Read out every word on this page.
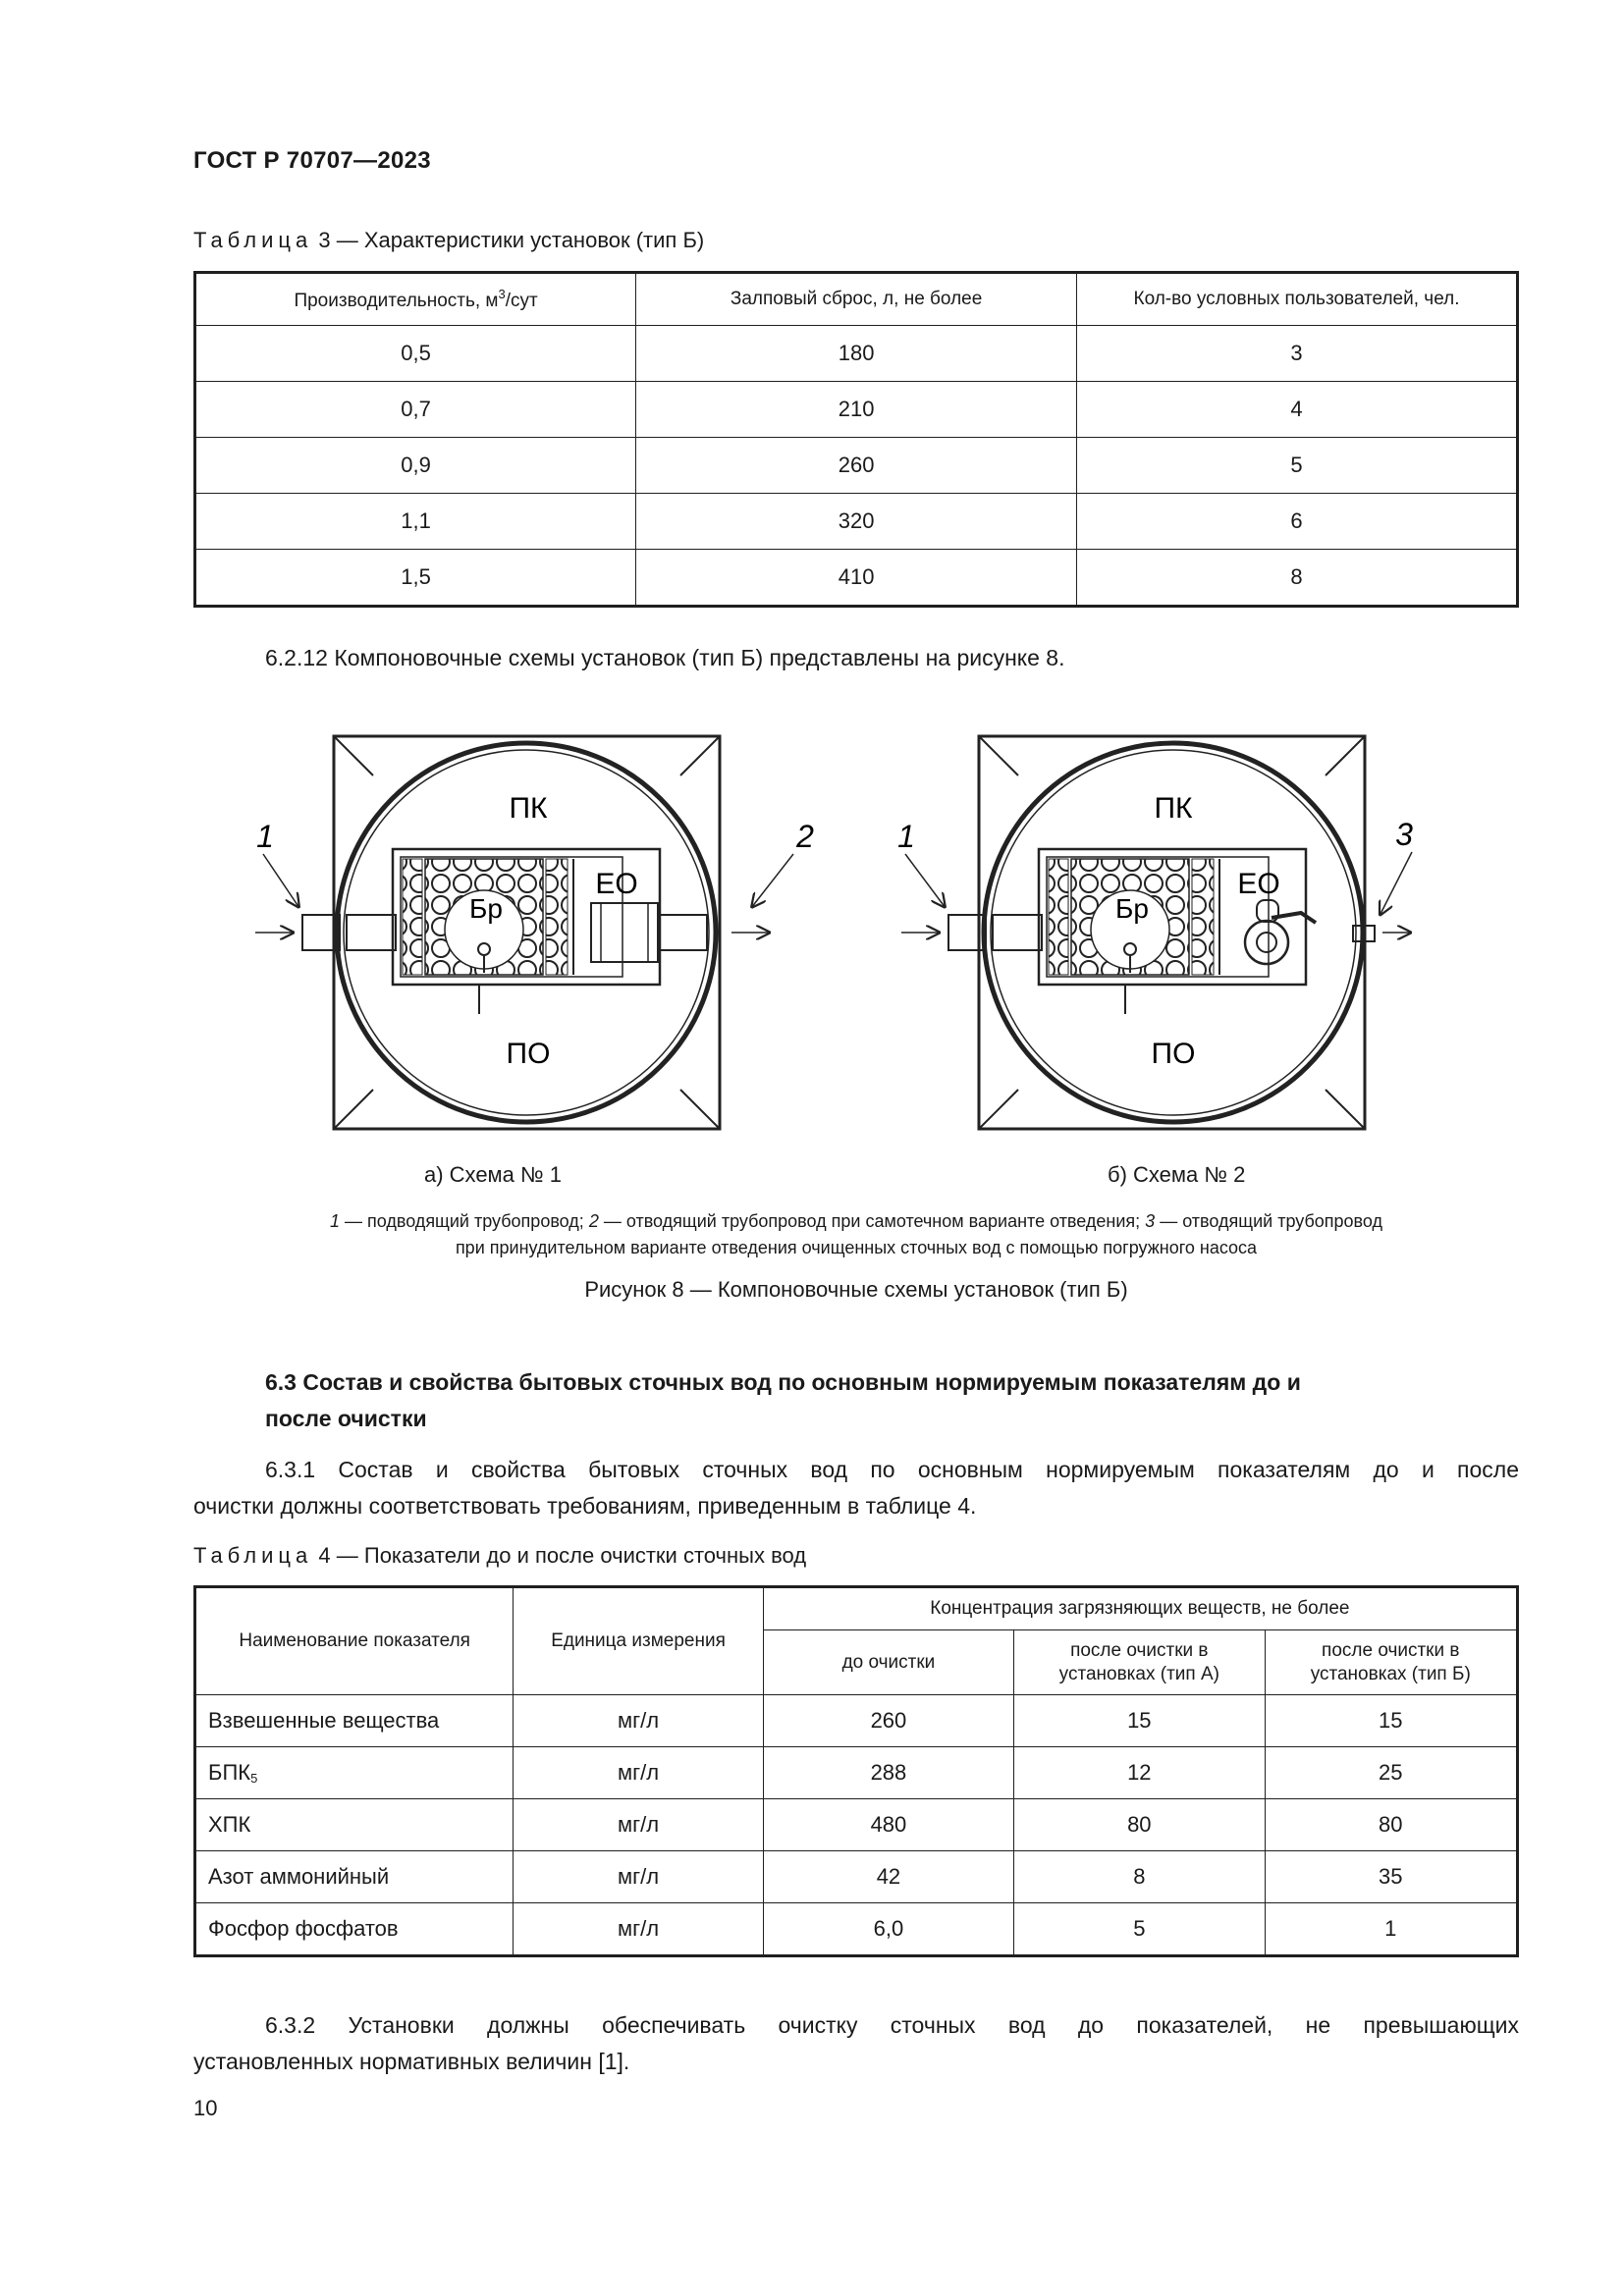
ГОСТ Р 70707—2023
Таблица 3 — Характеристики установок (тип Б)
Производительность, $м^3$/сут	Залповый сброс, л, не более	Кол-во условных пользователей, чел.
0,5	180	3
0,7	210	4
0,9	260	5
1,1	320	6
1,5	410	8
6.2.12 Компоновочные схемы установок (тип Б) представлены на рисунке 8.
ПК
ПО
ЕО
Бр
1	2
ПК
ПО
ЕО
Бр
1	3
а) Схема № 1	б) Схема № 2
1 — подводящий трубопровод; 2 — отводящий трубопровод при самотечном варианте отведения; 3 — отводящий трубопровод
при принудительном варианте отведения очищенных сточных вод с помощью погружного насоса
Рисунок 8 — Компоновочные схемы установок (тип Б)
6.3 Состав и свойства бытовых сточных вод по основным нормируемым показателям до и
после очистки
6.3.1 Состав и свойства бытовых сточных вод по основным нормируемым показателям до и после
очистки должны соответствовать требованиям, приведенным в таблице 4.
Таблица 4 — Показатели до и после очистки сточных вод
Наименование показателя	Единица измерения	Концентрация загрязняющих веществ, не более		
		до очистки	после очистки в установках (тип А)	после очистки в установках (тип Б)
Взвешенные вещества	мг/л	260	15	15
$БПК_5$	мг/л	288	12	25
ХПК	мг/л	480	80	80
Азот аммонийный	мг/л	42	8	35
Фосфор фосфатов	мг/л	6,0	5	1
6.3.2 Установки должны обеспечивать очистку сточных вод до показателей, не превышающих
установленных нормативных величин [1].
10
